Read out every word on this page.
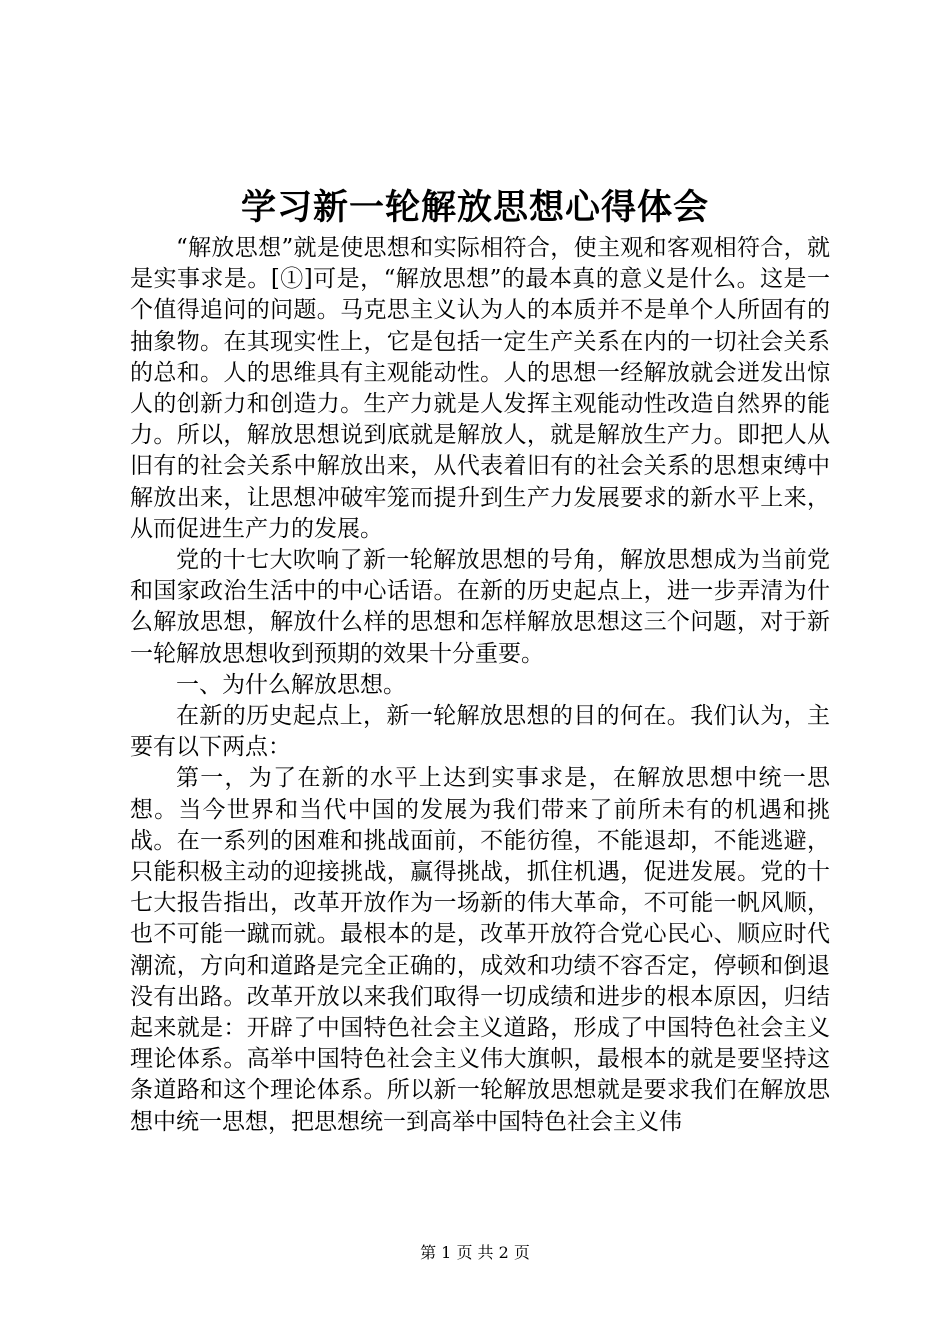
学习新一轮解放思想心得体会

“解放思想”就是使思想和实际相符合，使主观和客观相符合，就是实事求是。[①]可是，“解放思想”的最本真的意义是什么。这是一个值得追问的问题。马克思主义认为人的本质并不是单个人所固有的抽象物。在其现实性上，它是包括一定生产关系在内的一切社会关系的总和。人的思维具有主观能动性。人的思想一经解放就会迸发出惊人的创新力和创造力。生产力就是人发挥主观能动性改造自然界的能力。所以，解放思想说到底就是解放人，就是解放生产力。即把人从旧有的社会关系中解放出来，从代表着旧有的社会关系的思想束缚中解放出来，让思想冲破牢笼而提升到生产力发展要求的新水平上来，从而促进生产力的发展。

党的十七大吹响了新一轮解放思想的号角，解放思想成为当前党和国家政治生活中的中心话语。在新的历史起点上，进一步弄清为什么解放思想，解放什么样的思想和怎样解放思想这三个问题，对于新一轮解放思想收到预期的效果十分重要。

一、为什么解放思想。

在新的历史起点上，新一轮解放思想的目的何在。我们认为，主要有以下两点：

第一，为了在新的水平上达到实事求是，在解放思想中统一思想。当今世界和当代中国的发展为我们带来了前所未有的机遇和挑战。在一系列的困难和挑战面前，不能彷徨，不能退却，不能逃避，只能积极主动的迎接挑战，赢得挑战，抓住机遇，促进发展。党的十七大报告指出，改革开放作为一场新的伟大革命，不可能一帆风顺，也不可能一蹴而就。最根本的是，改革开放符合党心民心、顺应时代潮流，方向和道路是完全正确的，成效和功绩不容否定，停顿和倒退没有出路。改革开放以来我们取得一切成绩和进步的根本原因，归结起来就是：开辟了中国特色社会主义道路，形成了中国特色社会主义理论体系。高举中国特色社会主义伟大旗帜，最根本的就是要坚持这条道路和这个理论体系。所以新一轮解放思想就是要求我们在解放思想中统一思想，把思想统一到高举中国特色社会主义伟

第 1 页 共 2 页
